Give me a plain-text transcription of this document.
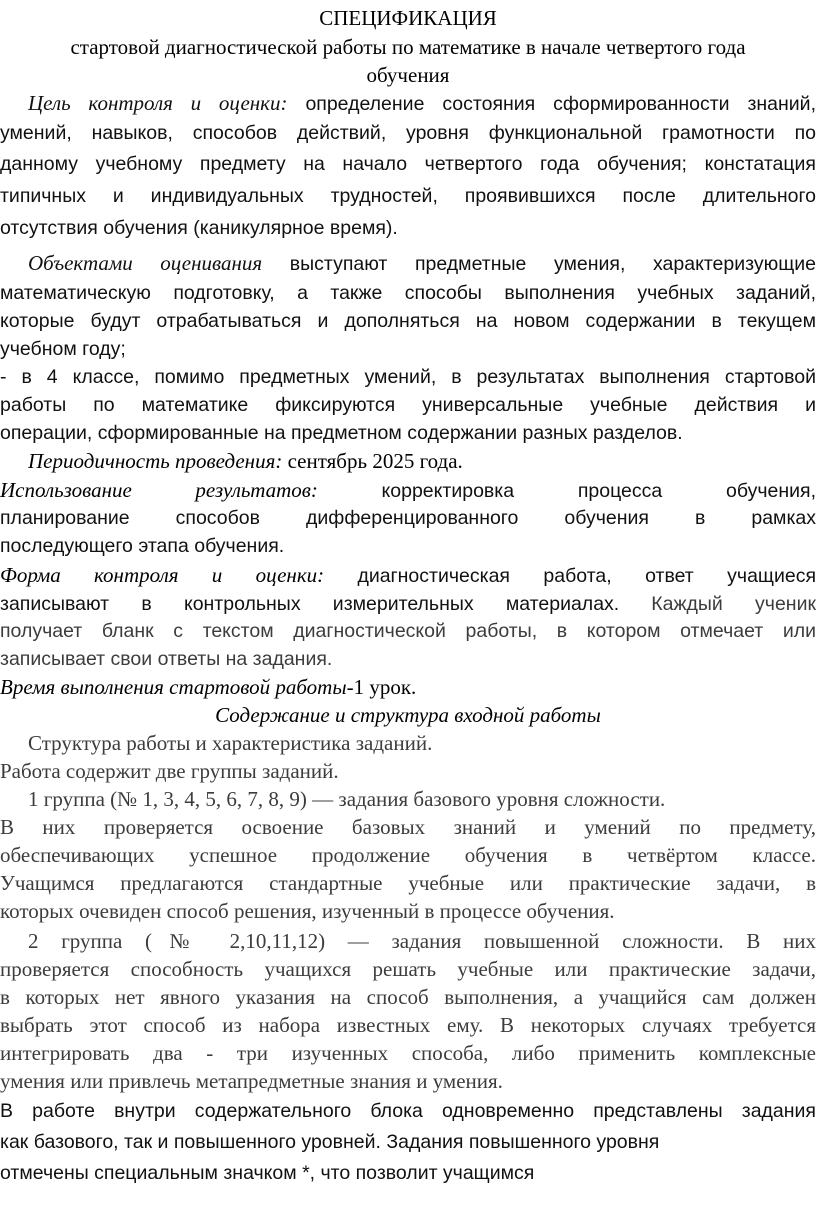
СПЕЦИФИКАЦИЯ
стартовой диагностической работы по математике в начале четвертого года
обучения
Цель контроля и оценки: определение состояния сформированности знаний,
умений, навыков, способов действий, уровня функциональной грамотности по
данному учебному предмету на начало четвертого года обучения; констатация
типичных и индивидуальных трудностей, проявившихся после длительного
отсутствия обучения (каникулярное время).
Объектами оценивания выступают предметные умения, характеризующие
математическую подготовку, а также способы выполнения учебных заданий,
которые будут отрабатываться и дополняться на новом содержании в текущем
учебном году;
- в 4 классе, помимо предметных умений, в результатах выполнения стартовой
работы по математике фиксируются универсальные учебные действия и
операции, сформированные на предметном содержании разных разделов.
Периодичность проведения: сентябрь 2025 года.
Использование результатов:	корректировка процесса обучения,
планирование способов дифференцированного обучения в рамках
последующего этапа обучения.
Форма контроля и оценки: диагностическая работа, ответ учащиеся
записывают в контрольных измерительных материалах. Каждый ученик
получает бланк с текстом диагностической работы, в котором отмечает или
записывает свои ответы на задания.
Время выполнения стартовой работы-1 урок.
Содержание и структура входной работы
Структура работы и характеристика заданий.
Работа содержит две группы заданий.
1 группа (№ 1, 3, 4, 5, 6, 7, 8, 9) — задания базового уровня сложности.
В них проверяется освоение базовых знаний и умений по предмету,
обеспечивающих успешное продолжение обучения в четвёртом классе.
Учащимся предлагаются стандартные учебные или практические задачи, в
которых очевиден способ решения, изученный в процессе обучения.
2 группа (№ 2,10,11,12) — задания повышенной сложности. В них
проверяется способность учащихся решать учебные или практические задачи,
в которых нет явного указания на способ выполнения, а учащийся сам должен
выбрать этот способ из набора известных ему. В некоторых случаях требуется
интегрировать два - три изученных способа, либо применить комплексные
умения или привлечь метапредметные знания и умения.
В работе внутри содержательного блока одновременно представлены задания
как базового, так и повышенного уровней. Задания повышенного уровня
отмечены специальным значком *, что позволит учащимся
